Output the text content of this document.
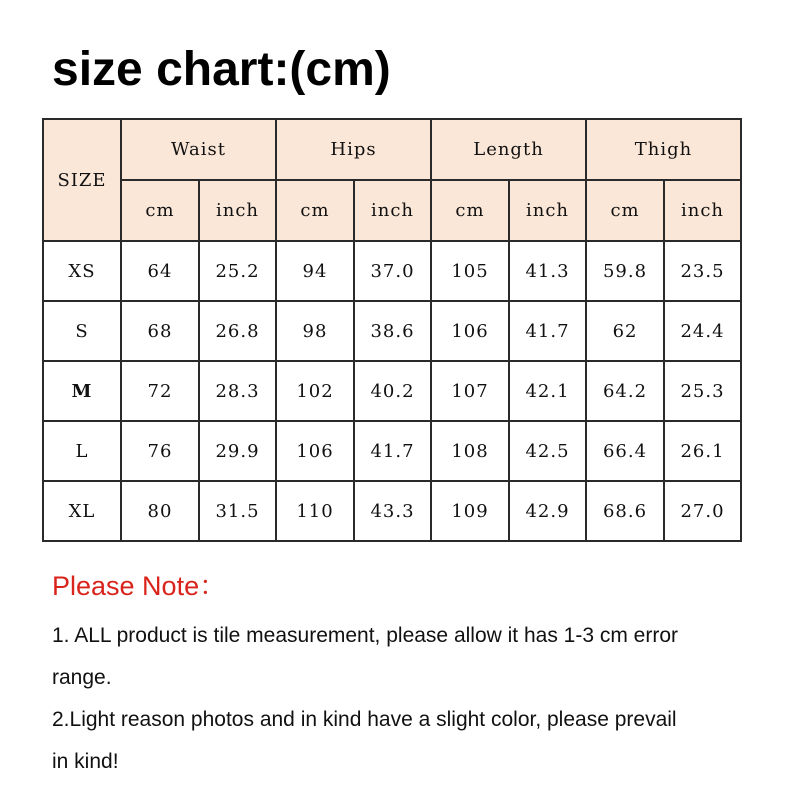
size chart:(cm)
SIZE	Waist		Hips		Length		Thigh	
	cm	inch	cm	inch	cm	inch	cm	inch
XS	64	25.2	94	37.0	105	41.3	59.8	23.5
S	68	26.8	98	38.6	106	41.7	62	24.4
M	72	28.3	102	40.2	107	42.1	64.2	25.3
L	76	29.9	106	41.7	108	42.5	66.4	26.1
XL	80	31.5	110	43.3	109	42.9	68.6	27.0
Please Note：
1. ALL product is tile measurement, please allow it has 1-3 cm error
range.
2.Light reason photos and in kind have a slight color, please prevail
in kind!
